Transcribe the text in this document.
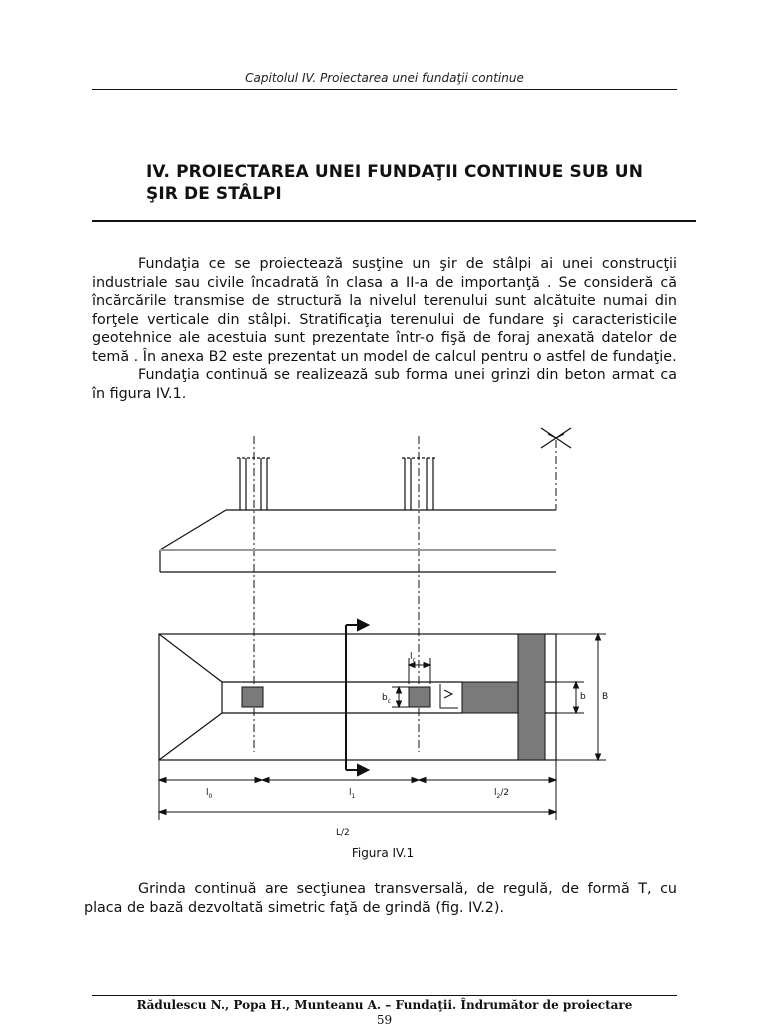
Capitolul IV. Proiectarea unei fundaţii continue
IV. PROIECTAREA UNEI FUNDAŢII CONTINUE SUB UN
ŞIR DE STÂLPI

Fundaţia ce se proiectează susţine un şir de stâlpi ai unei construcţii industriale sau civile încadrată în clasa a II-a de importanţă . Se consideră că încărcările transmise de structură la nivelul terenului sunt alcătuite numai din forţele verticale din stâlpi. Stratificaţia terenului de fundare şi caracteristicile geotehnice ale acestuia sunt prezentate într-o fişă de foraj anexată datelor de temă . În anexa B2 este prezentat un model de calcul pentru o astfel de fundaţie.

Fundaţia continuă se realizează sub forma unei grinzi din beton armat ca în figura IV.1.

$l_c$
$b_c$	b B
$l_0$	$l_1$	$l_2/2$
L/2
Figura IV.1

Grinda continuă are secţiunea transversală, de regulă, de formă T, cu placa de bază dezvoltată simetric faţă de grindă (fig. IV.2).

Rădulescu N., Popa H., Munteanu A. – Fundaţii. Îndrumător de proiectare
59
